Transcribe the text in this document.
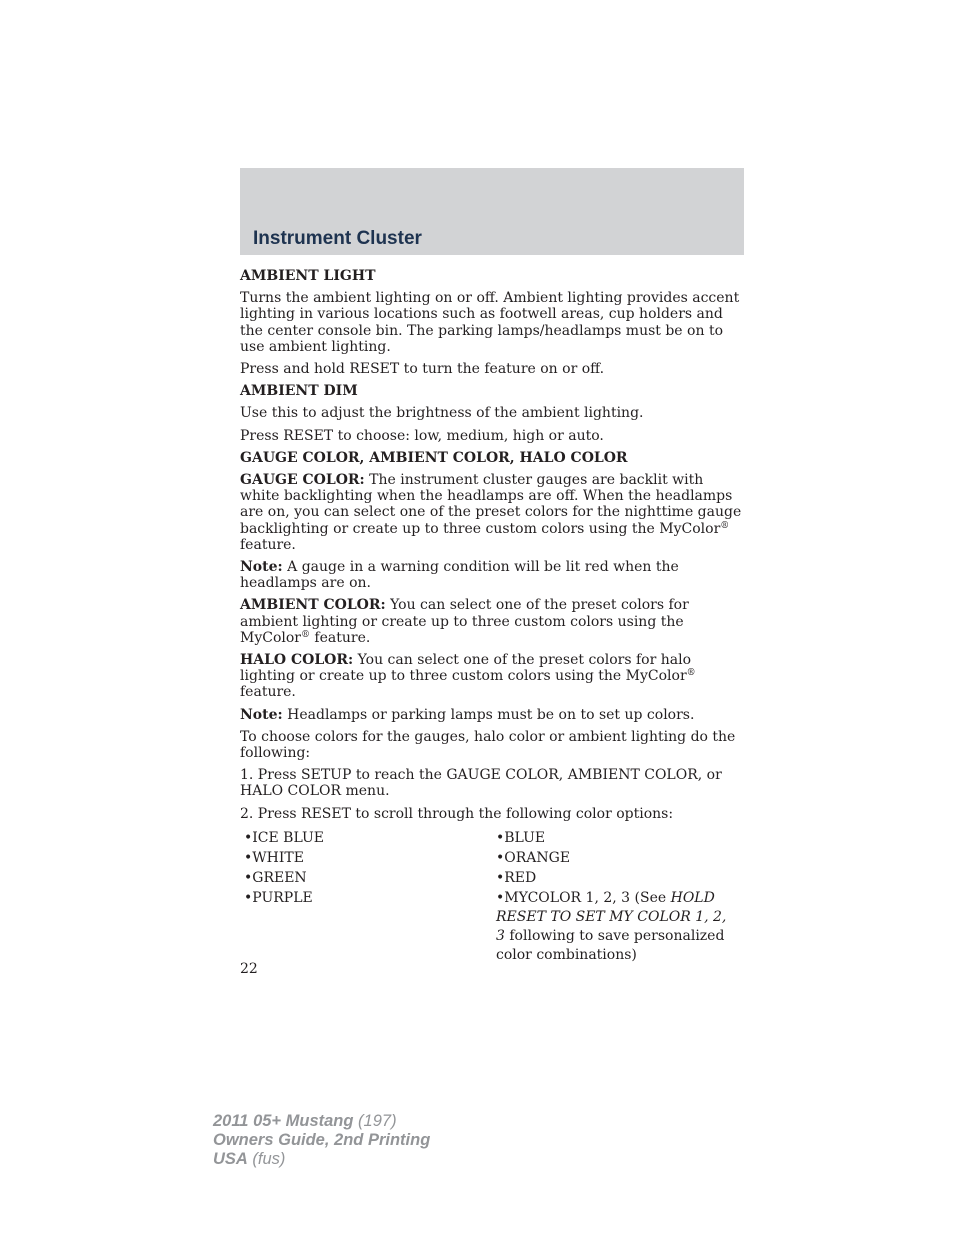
Instrument Cluster
AMBIENT LIGHT

Turns the ambient lighting on or off. Ambient lighting provides accent lighting in various locations such as footwell areas, cup holders and the center console bin. The parking lamps/headlamps must be on to use ambient lighting.

Press and hold RESET to turn the feature on or off.

AMBIENT DIM

Use this to adjust the brightness of the ambient lighting.

Press RESET to choose: low, medium, high or auto.

GAUGE COLOR, AMBIENT COLOR, HALO COLOR

GAUGE COLOR: The instrument cluster gauges are backlit with white backlighting when the headlamps are off. When the headlamps are on, you can select one of the preset colors for the nighttime gauge backlighting or create up to three custom colors using the MyColor® feature.

Note: A gauge in a warning condition will be lit red when the headlamps are on.

AMBIENT COLOR: You can select one of the preset colors for ambient lighting or create up to three custom colors using the MyColor® feature.

HALO COLOR: You can select one of the preset colors for halo lighting or create up to three custom colors using the MyColor® feature.

Note: Headlamps or parking lamps must be on to set up colors.

To choose colors for the gauges, halo color or ambient lighting do the following:

1. Press SETUP to reach the GAUGE COLOR, AMBIENT COLOR, or HALO COLOR menu.

2. Press RESET to scroll through the following color options:

•ICE BLUE
•WHITE
•GREEN
•PURPLE
•BLUE
•ORANGE
•RED
•MYCOLOR 1, 2, 3 (See HOLD RESET TO SET MY COLOR 1, 2, 3 following to save personalized color combinations)
22
2011 05+ Mustang (197)
Owners Guide, 2nd Printing
USA (fus)
